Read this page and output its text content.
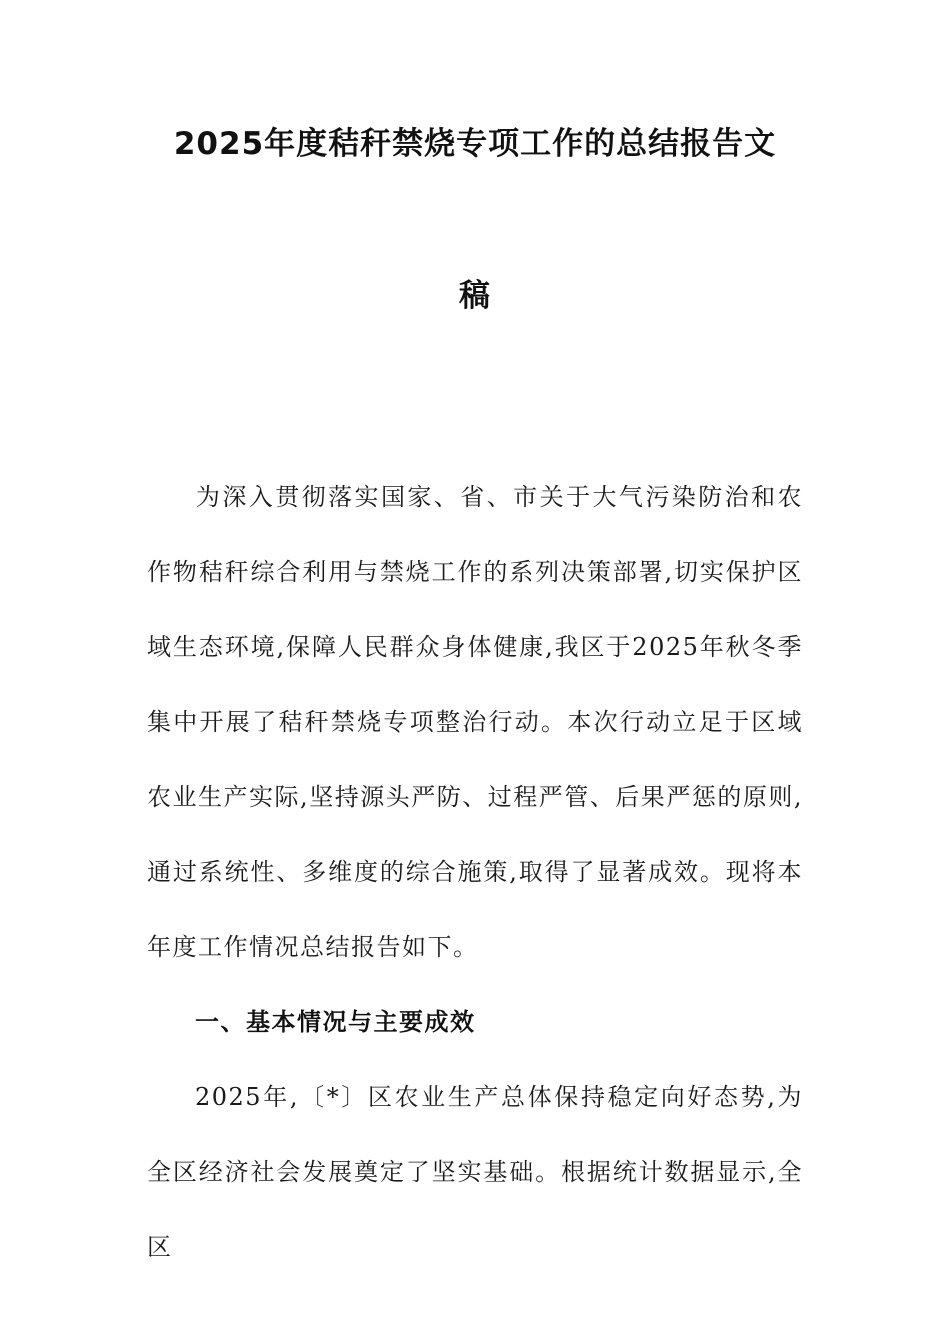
2025年度秸秆禁烧专项工作的总结报告文
稿

为深入贯彻落实国家、省、市关于大气污染防治和农作物秸秆综合利用与禁烧工作的系列决策部署,切实保护区域生态环境,保障人民群众身体健康,我区于2025年秋冬季集中开展了秸秆禁烧专项整治行动。本次行动立足于区域农业生产实际,坚持源头严防、过程严管、后果严惩的原则,通过系统性、多维度的综合施策,取得了显著成效。现将本年度工作情况总结报告如下。

一、基本情况与主要成效

2025年,〔*〕区农业生产总体保持稳定向好态势,为全区经济社会发展奠定了坚实基础。根据统计数据显示,全区
